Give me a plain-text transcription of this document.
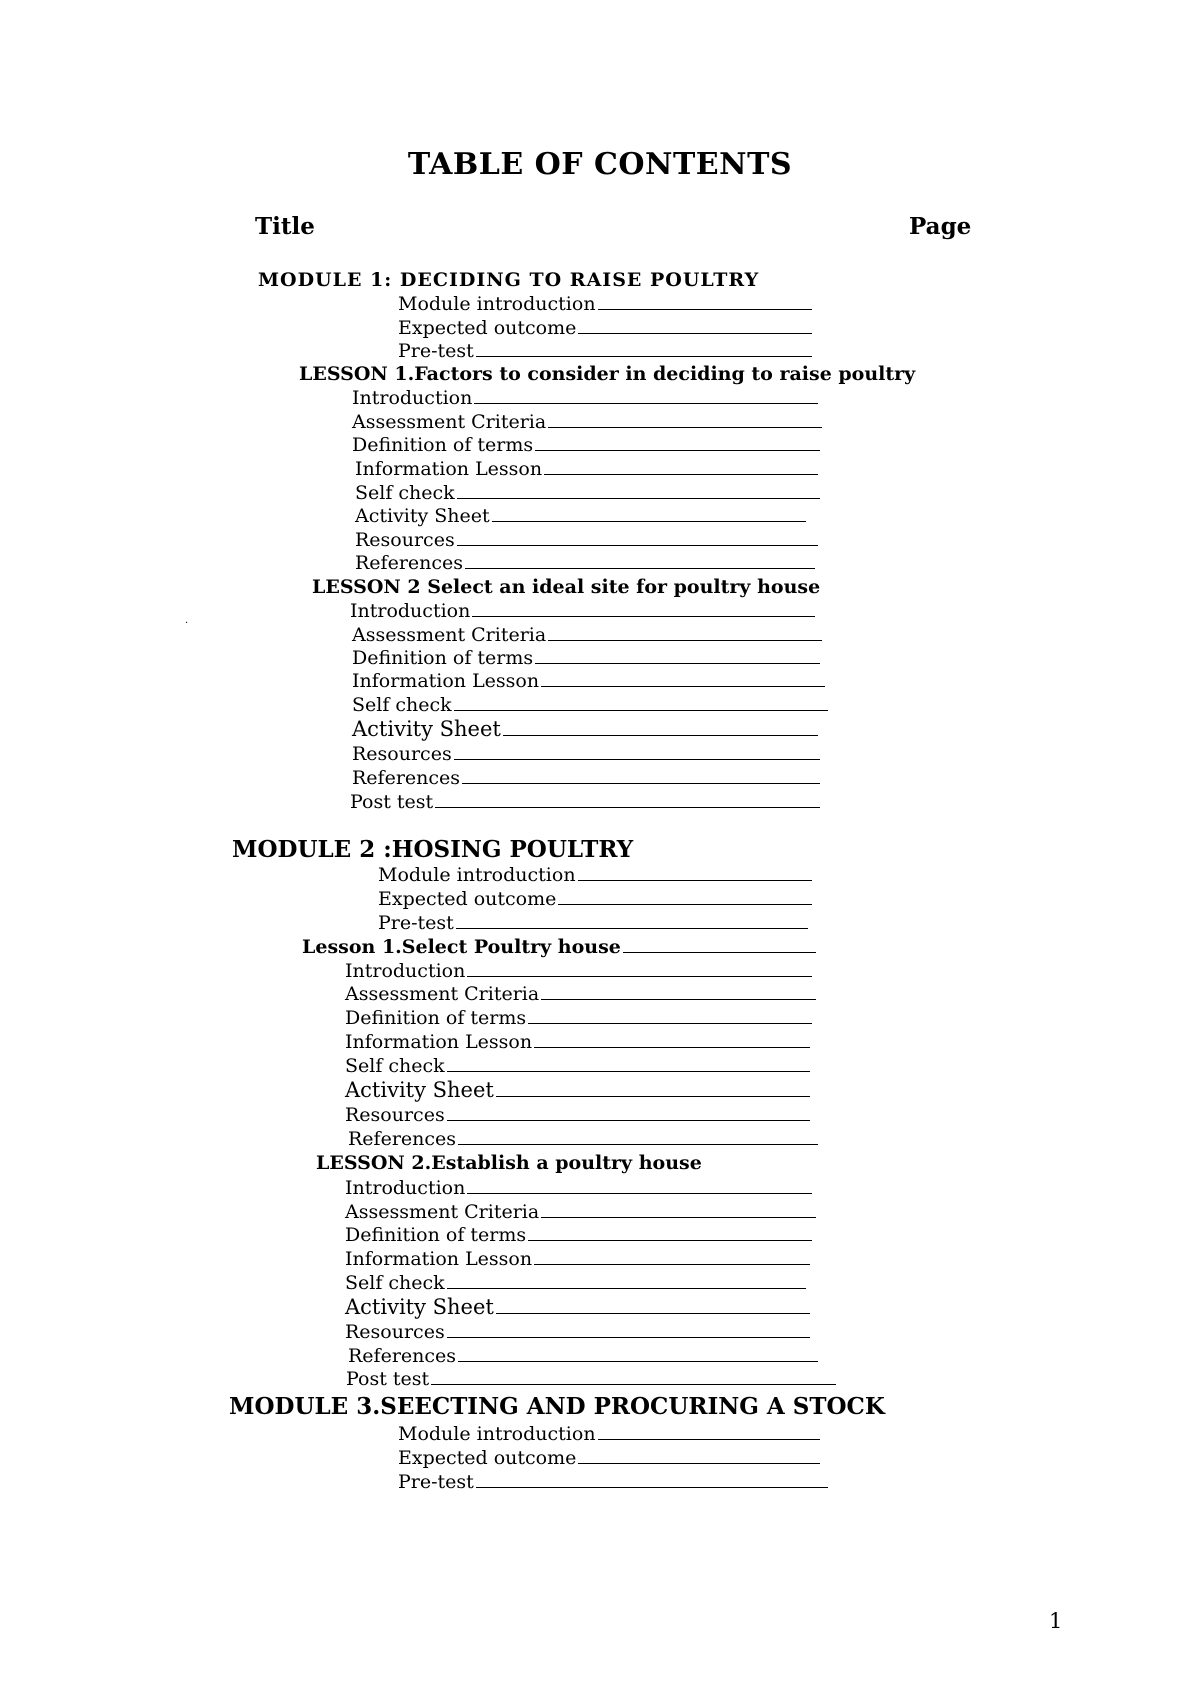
TABLE OF CONTENTS
Title	Page
.
MODULE 1: DECIDING TO RAISE POULTRY
Module introduction
Expected outcome
Pre-test
LESSON 1.Factors to consider in deciding to raise poultry
Introduction
Assessment Criteria
Definition of terms
Information Lesson
Self check
Activity Sheet
Resources
References
LESSON 2 Select an ideal site for poultry house
Introduction
Assessment Criteria
Definition of terms
Information Lesson
Self check
Activity Sheet
Resources
References
Post test
MODULE 2 :HOSING POULTRY
Module introduction
Expected outcome
Pre-test
Lesson 1.Select Poultry house
Introduction
Assessment Criteria
Definition of terms
Information Lesson
Self check
Activity Sheet
Resources
References
LESSON 2.Establish a poultry house
Introduction
Assessment Criteria
Definition of terms
Information Lesson
Self check
Activity Sheet
Resources
References
Post test
MODULE 3.SEECTING AND PROCURING A STOCK
Module introduction
Expected outcome
Pre-test
1
